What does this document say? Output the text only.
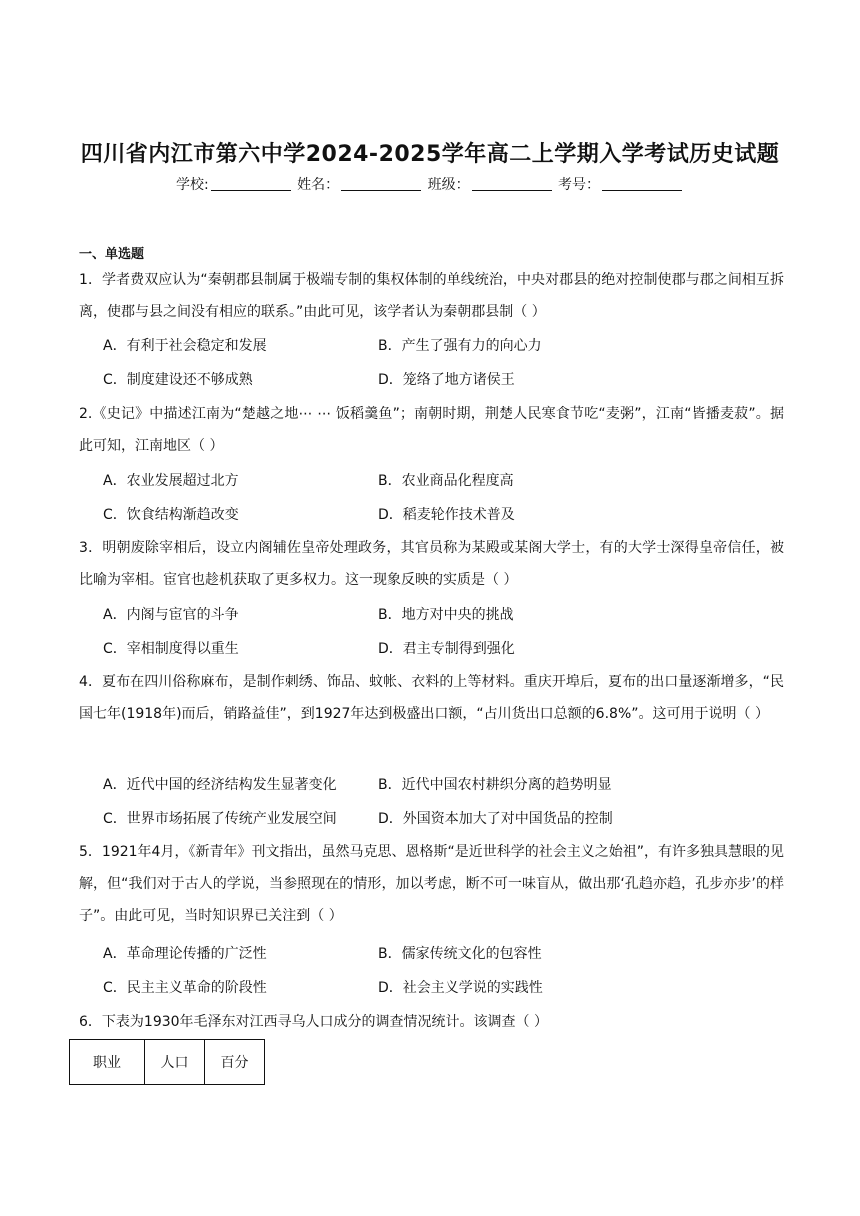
四川省内江市第六中学2024-2025学年高二上学期入学考试历史试题
学校:	姓名：	班级：	考号：
一、单选题
1．学者费双应认为“秦朝郡县制属于极端专制的集权体制的单线统治，中央对郡县的绝对控制使郡与郡之间相互拆离，使郡与县之间没有相应的联系。”由此可见，该学者认为秦朝郡县制（ ）
A．有利于社会稳定和发展	B．产生了强有力的向心力
C．制度建设还不够成熟	D．笼络了地方诸侯王
2.《史记》中描述江南为“楚越之地⋯ ⋯ 饭稻羹鱼”；南朝时期，荆楚人民寒食节吃“麦粥”，江南“皆播麦菽”。据此可知，江南地区（ ）
A．农业发展超过北方	B．农业商品化程度高
C．饮食结构渐趋改变	D．稻麦轮作技术普及
3．明朝废除宰相后，设立内阁辅佐皇帝处理政务，其官员称为某殿或某阁大学士，有的大学士深得皇帝信任，被比喻为宰相。宦官也趁机获取了更多权力。这一现象反映的实质是（ ）
A．内阁与宦官的斗争	B．地方对中央的挑战
C．宰相制度得以重生	D．君主专制得到强化
4．夏布在四川俗称麻布，是制作刺绣、饰品、蚊帐、衣料的上等材料。重庆开埠后，夏布的出口量逐渐增多，“民国七年(1918年)而后，销路益佳”，到1927年达到极盛出口额，“占川货出口总额的6.8%”。这可用于说明（ ）
A．近代中国的经济结构发生显著变化	B．近代中国农村耕织分离的趋势明显
C．世界市场拓展了传统产业发展空间	D．外国资本加大了对中国货品的控制
5．1921年4月，《新青年》刊文指出，虽然马克思、恩格斯“是近世科学的社会主义之始祖”，有许多独具慧眼的见解，但“我们对于古人的学说，当参照现在的情形，加以考虑，断不可一味盲从，做出那‘孔趋亦趋，孔步亦步’的样子”。由此可见，当时知识界已关注到（ ）
A．革命理论传播的广泛性	B．儒家传统文化的包容性
C．民主主义革命的阶段性	D．社会主义学说的实践性
6．下表为1930年毛泽东对江西寻乌人口成分的调查情况统计。该调查（ ）
职业	人口	百分
